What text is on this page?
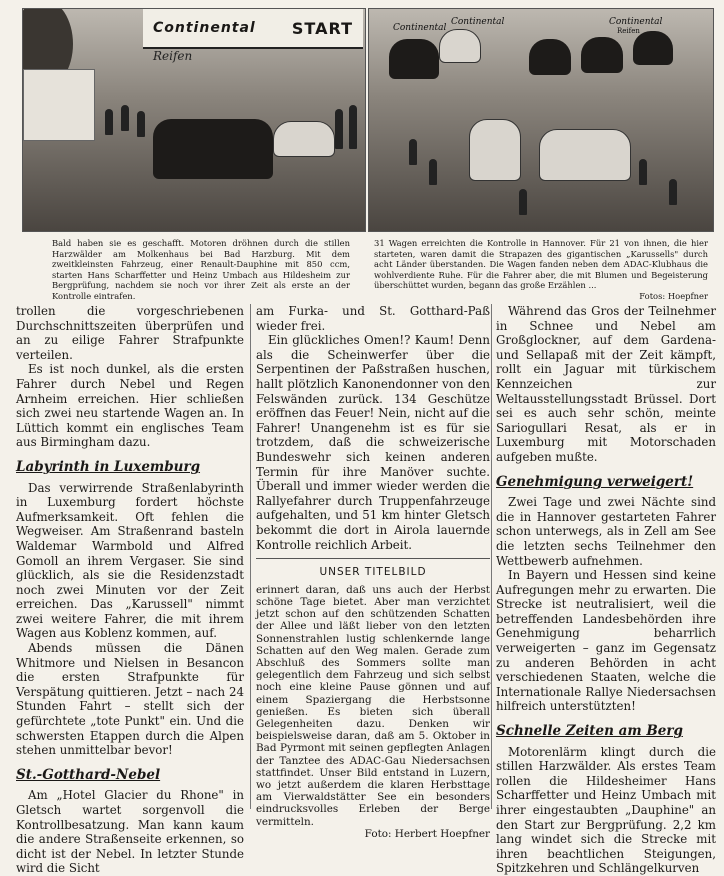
Continental START
Reifen
Continental
Continental	Continental
Reifen
Bald haben sie es geschafft. Motoren dröhnen durch die stillen Harzwälder am Molkenhaus bei Bad Harzburg. Mit dem zweitkleinsten Fahrzeug, einer Renault-Dauphine mit 850 ccm, starten Hans Scharffetter und Heinz Umbach aus Hildesheim zur Bergprüfung, nachdem sie noch vor ihrer Zeit als erste an der Kontrolle eintrafen.
31 Wagen erreichten die Kontrolle in Hannover. Für 21 von ihnen, die hier starteten, waren damit die Strapazen des gigantischen „Karussells" durch acht Länder überstanden. Die Wagen fanden neben dem ADAC-Klubhaus die wohlverdiente Ruhe. Für die Fahrer aber, die mit Blumen und Begeisterung überschüttet wurden, begann das große Erzählen ...
Fotos: Hoepfner

trollen die vorgeschriebenen Durchschnittszeiten überprüfen und an zu eilige Fahrer Strafpunkte verteilen.

Es ist noch dunkel, als die ersten Fahrer durch Nebel und Regen Arnheim erreichen. Hier schließen sich zwei neu startende Wagen an. In Lüttich kommt ein englisches Team aus Birmingham dazu.

Labyrinth in Luxemburg

Das verwirrende Straßenlabyrinth in Luxemburg fordert höchste Aufmerksamkeit. Oft fehlen die Wegweiser. Am Straßenrand basteln Waldemar Warmbold und Alfred Gomoll an ihrem Vergaser. Sie sind glücklich, als sie die Residenzstadt noch zwei Minuten vor der Zeit erreichen. Das „Karussell" nimmt zwei weitere Fahrer, die mit ihrem Wagen aus Koblenz kommen, auf.

Abends müssen die Dänen Whitmore und Nielsen in Besancon die ersten Strafpunkte für Verspätung quittieren. Jetzt – nach 24 Stunden Fahrt – stellt sich der gefürchtete „tote Punkt" ein. Und die schwersten Etappen durch die Alpen stehen unmittelbar bevor!

St.-Gotthard-Nebel

Am „Hotel Glacier du Rhone" in Gletsch wartet sorgenvoll die Kontrollbesatzung. Man kann kaum die andere Straßenseite erkennen, so dicht ist der Nebel. In letzter Stunde wird die Sicht

am Furka- und St. Gotthard-Paß wieder frei.

Ein glückliches Omen!? Kaum! Denn als die Scheinwerfer über die Serpentinen der Paßstraßen huschen, hallt plötzlich Kanonendonner von den Felswänden zurück. 134 Geschütze eröffnen das Feuer! Nein, nicht auf die Fahrer! Unangenehm ist es für sie trotzdem, daß die schweizerische Bundeswehr sich keinen anderen Termin für ihre Manöver suchte. Überall und immer wieder werden die Rallyefahrer durch Truppenfahrzeuge aufgehalten, und 51 km hinter Gletsch bekommt die dort in Airola lauernde Kontrolle reichlich Arbeit.

UNSER TITELBILD

erinnert daran, daß uns auch der Herbst schöne Tage bietet. Aber man verzichtet jetzt schon auf den schützenden Schatten der Allee und läßt lieber von den letzten Sonnenstrahlen lustig schlenkernde lange Schatten auf den Weg malen. Gerade zum Abschluß des Sommers sollte man gelegentlich dem Fahrzeug und sich selbst noch eine kleine Pause gönnen und auf einem Spaziergang die Herbstsonne genießen. Es bieten sich überall Gelegenheiten dazu. Denken wir beispielsweise daran, daß am 5. Oktober in Bad Pyrmont mit seinen gepflegten Anlagen der Tanztee des ADAC-Gau Niedersachsen stattfindet. Unser Bild entstand in Luzern, wo jetzt außerdem die klaren Herbsttage am Vierwaldstätter See ein besonders eindrucksvolles Erleben der Berge vermitteln.

Foto: Herbert Hoepfner

Während das Gros der Teilnehmer in Schnee und Nebel am Großglockner, auf dem Gardena- und Sellapaß mit der Zeit kämpft, rollt ein Jaguar mit türkischem Kennzeichen zur Weltausstellungsstadt Brüssel. Dort sei es auch sehr schön, meinte Sariogullari Resat, als er in Luxemburg mit Motorschaden aufgeben mußte.

Genehmigung verweigert!

Zwei Tage und zwei Nächte sind die in Hannover gestarteten Fahrer schon unterwegs, als in Zell am See die letzten sechs Teilnehmer den Wettbewerb aufnehmen.

In Bayern und Hessen sind keine Aufregungen mehr zu erwarten. Die Strecke ist neutralisiert, weil die betreffenden Landesbehörden ihre Genehmigung beharrlich verweigerten – ganz im Gegensatz zu anderen Behörden in acht verschiedenen Staaten, welche die Internationale Rallye Niedersachsen hilfreich unterstützten!

Schnelle Zeiten am Berg

Motorenlärm klingt durch die stillen Harzwälder. Als erstes Team rollen die Hildesheimer Hans Scharffetter und Heinz Umbach mit ihrer eingestaubten „Dauphine" an den Start zur Bergprüfung. 2,2 km lang windet sich die Strecke mit ihren beachtlichen Steigungen, Spitzkehren und Schlängelkurven
